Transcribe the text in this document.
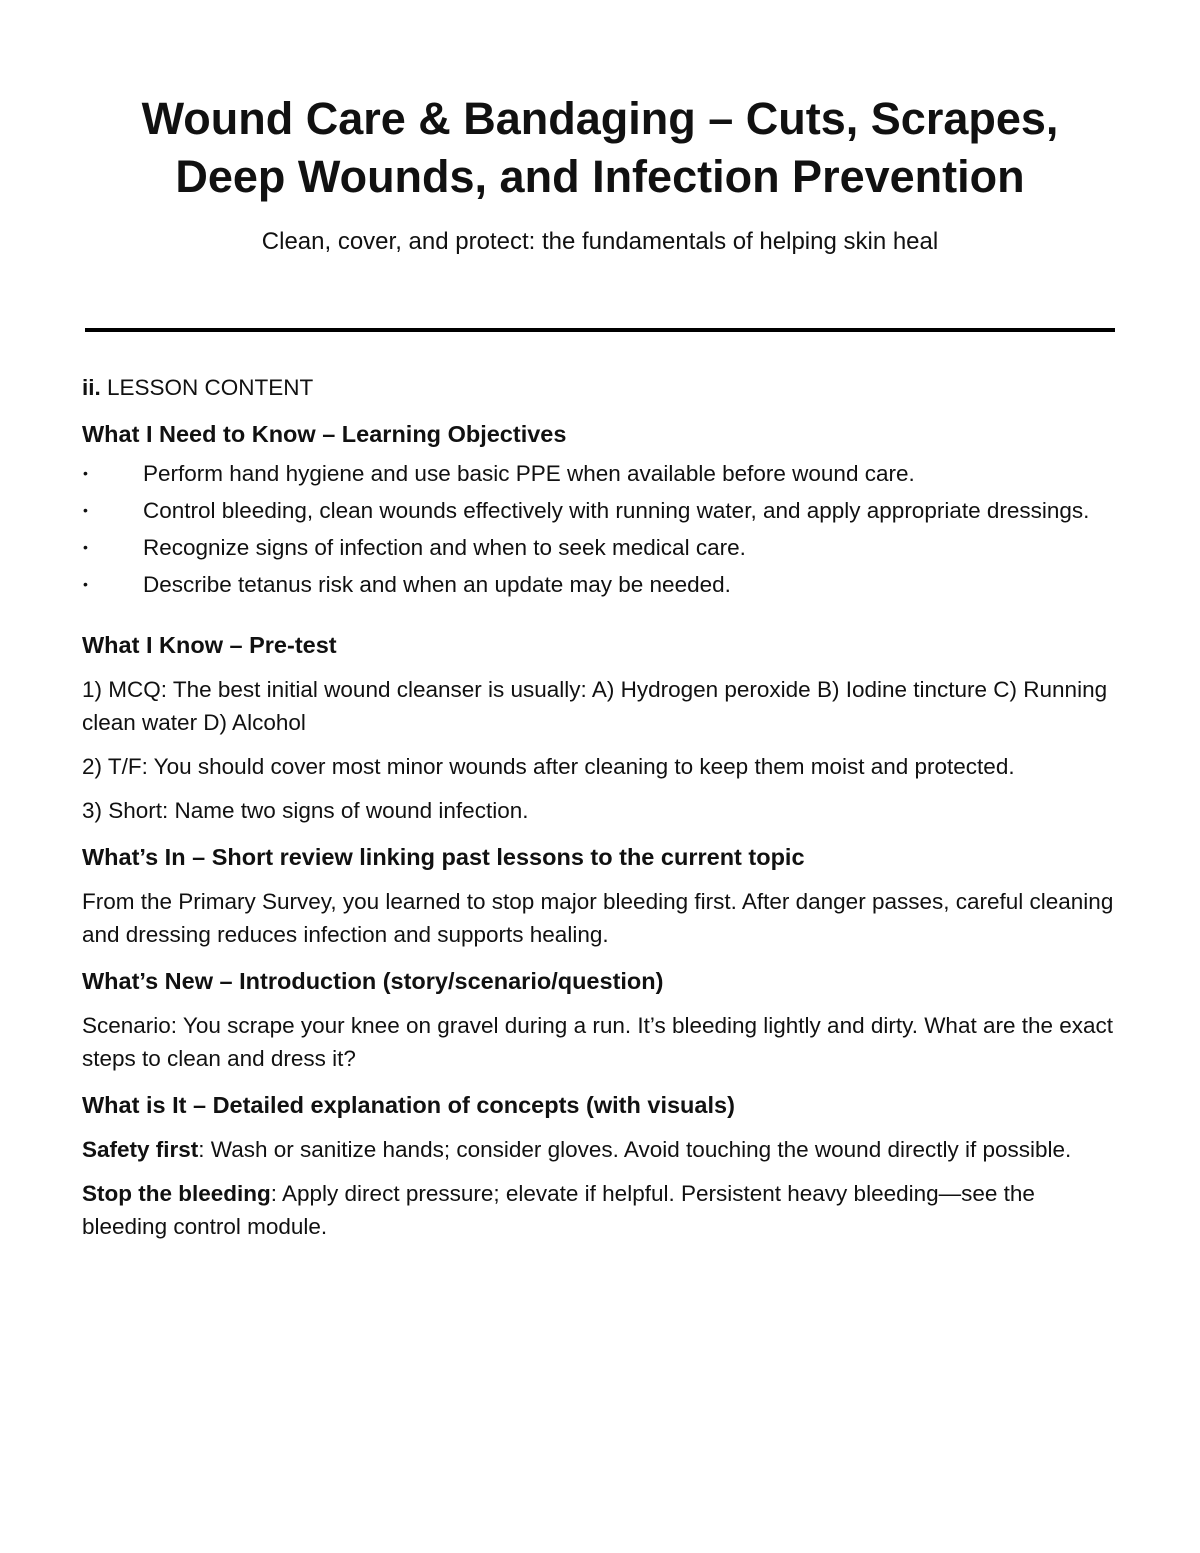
Wound Care & Bandaging – Cuts, Scrapes,
Deep Wounds, and Infection Prevention
Clean, cover, and protect: the fundamentals of helping skin heal

ii. LESSON CONTENT

What I Need to Know – Learning Objectives
• Perform hand hygiene and use basic PPE when available before wound care.
• Control bleeding, clean wounds effectively with running water, and apply appropriate dressings.
• Recognize signs of infection and when to seek medical care.
• Describe tetanus risk and when an update may be needed.
What I Know – Pre-test

1) MCQ: The best initial wound cleanser is usually: A) Hydrogen peroxide B) Iodine tincture C) Running clean water D) Alcohol

2) T/F: You should cover most minor wounds after cleaning to keep them moist and protected.

3) Short: Name two signs of wound infection.

What’s In – Short review linking past lessons to the current topic

From the Primary Survey, you learned to stop major bleeding first. After danger passes, careful cleaning and dressing reduces infection and supports healing.

What’s New – Introduction (story/scenario/question)

Scenario: You scrape your knee on gravel during a run. It’s bleeding lightly and dirty. What are the exact steps to clean and dress it?

What is It – Detailed explanation of concepts (with visuals)

Safety first: Wash or sanitize hands; consider gloves. Avoid touching the wound directly if possible.

Stop the bleeding: Apply direct pressure; elevate if helpful. Persistent heavy bleeding—see the bleeding control module.
